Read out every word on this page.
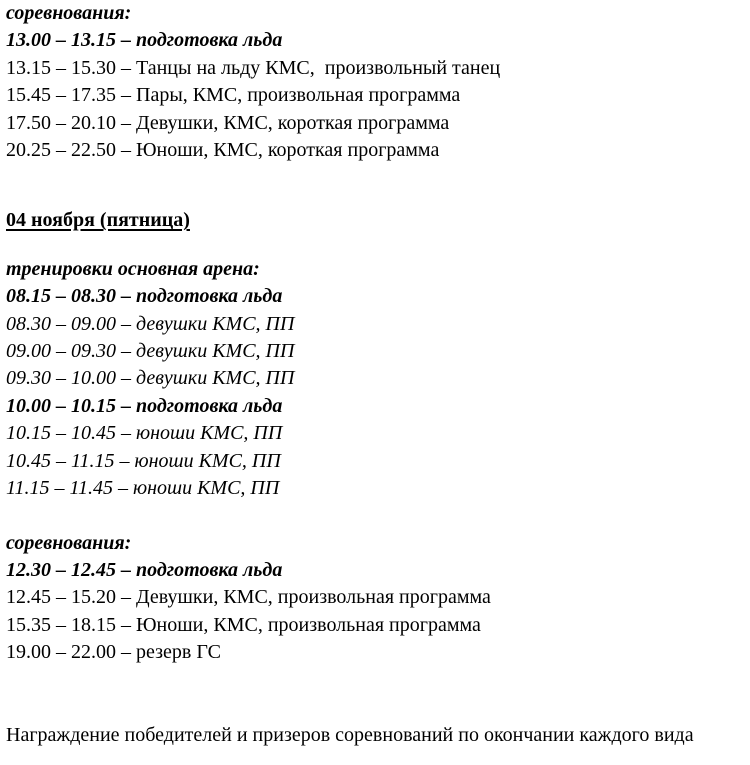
соревнования:

13.00 – 13.15 – подготовка льда

13.15 – 15.30 – Танцы на льду КМС,  произвольный танец

15.45 – 17.35 – Пары, КМС, произвольная программа

17.50 – 20.10 – Девушки, КМС, короткая программа

20.25 – 22.50 – Юноши, КМС, короткая программа

04 ноября (пятница)

тренировки основная арена:

08.15 – 08.30 – подготовка льда

08.30 – 09.00 – девушки КМС, ПП

09.00 – 09.30 – девушки КМС, ПП

09.30 – 10.00 – девушки КМС, ПП

10.00 – 10.15 – подготовка льда

10.15 – 10.45 – юноши КМС, ПП

10.45 – 11.15 – юноши КМС, ПП

11.15 – 11.45 – юноши КМС, ПП

соревнования:

12.30 – 12.45 – подготовка льда

12.45 – 15.20 – Девушки, КМС, произвольная программа

15.35 – 18.15 – Юноши, КМС, произвольная программа

19.00 – 22.00 – резерв ГС

Награждение победителей и призеров соревнований по окончании каждого вида
